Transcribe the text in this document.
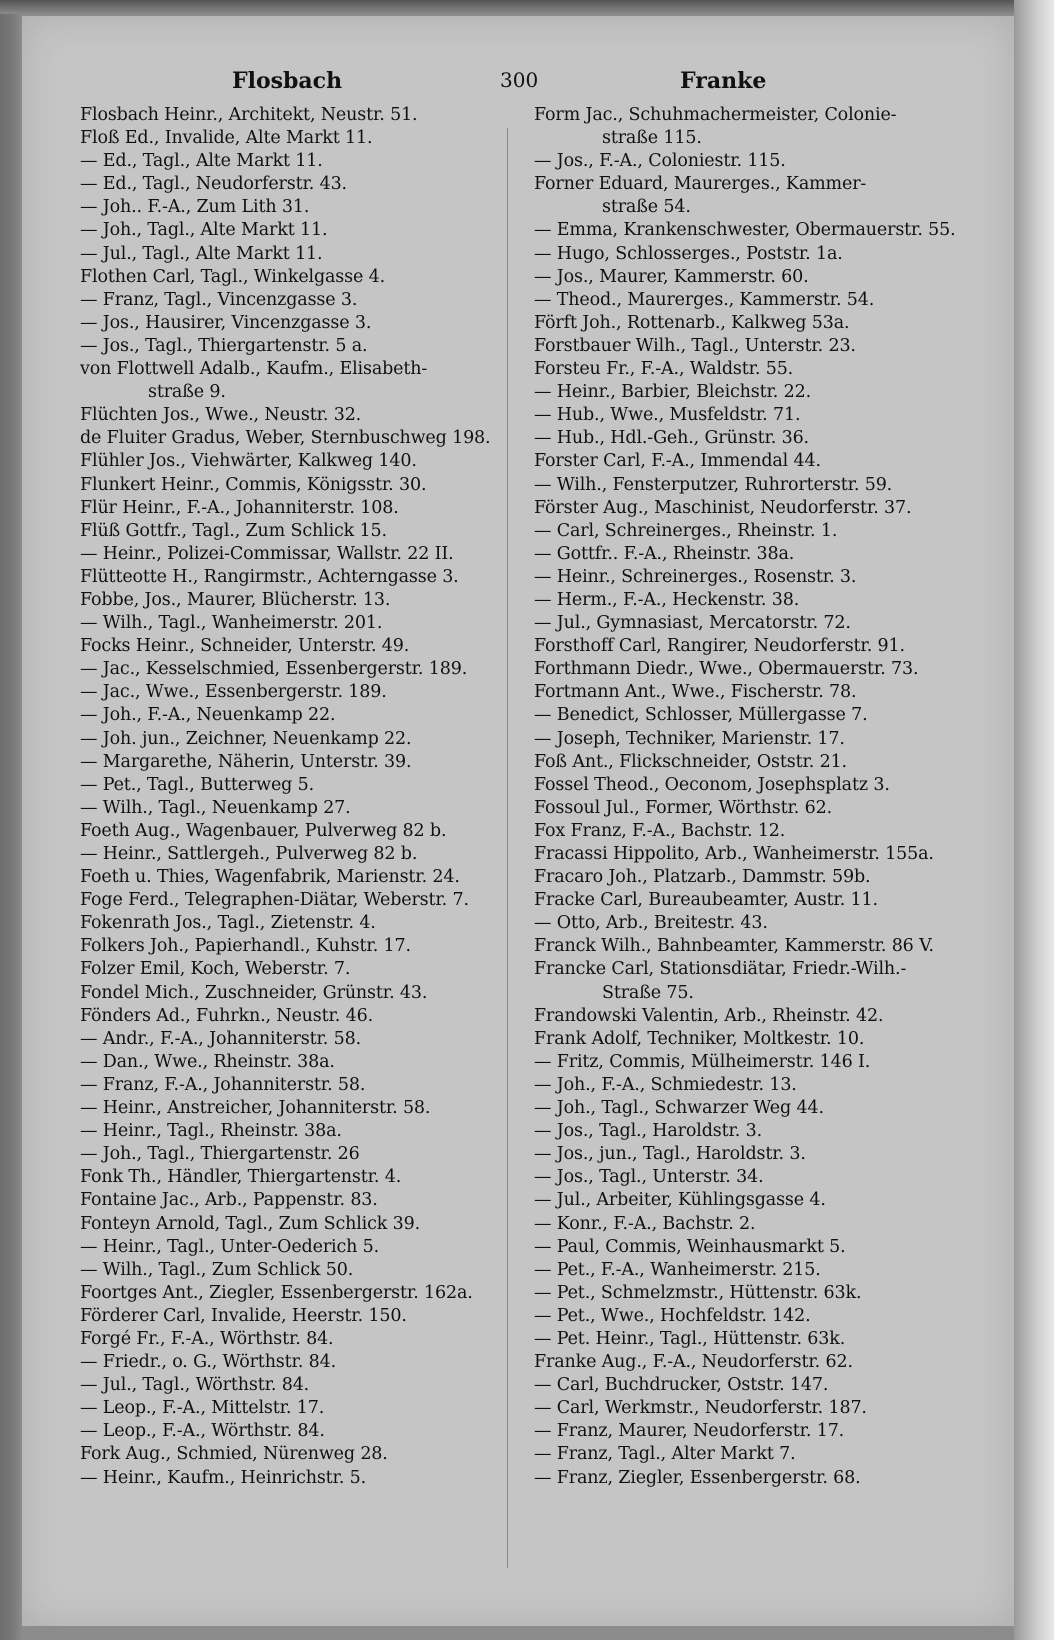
Flosbach	300	Franke
Flosbach Heinr., Architekt, Neustr. 51.
Floß Ed., Invalide, Alte Markt 11.
— Ed., Tagl., Alte Markt 11.
— Ed., Tagl., Neudorferstr. 43.
— Joh.. F.-A., Zum Lith 31.
— Joh., Tagl., Alte Markt 11.
— Jul., Tagl., Alte Markt 11.
Flothen Carl, Tagl., Winkelgasse 4.
— Franz, Tagl., Vincenzgasse 3.
— Jos., Hausirer, Vincenzgasse 3.
— Jos., Tagl., Thiergartenstr. 5 a.
von Flottwell Adalb., Kaufm., Elisabeth-
straße 9.
Flüchten Jos., Wwe., Neustr. 32.
de Fluiter Gradus, Weber, Sternbuschweg 198.
Flühler Jos., Viehwärter, Kalkweg 140.
Flunkert Heinr., Commis, Königsstr. 30.
Flür Heinr., F.-A., Johanniterstr. 108.
Flüß Gottfr., Tagl., Zum Schlick 15.
— Heinr., Polizei-Commissar, Wallstr. 22 II.
Flütteotte H., Rangirmstr., Achterngasse 3.
Fobbe, Jos., Maurer, Blücherstr. 13.
— Wilh., Tagl., Wanheimerstr. 201.
Focks Heinr., Schneider, Unterstr. 49.
— Jac., Kesselschmied, Essenbergerstr. 189.
— Jac., Wwe., Essenbergerstr. 189.
— Joh., F.-A., Neuenkamp 22.
— Joh. jun., Zeichner, Neuenkamp 22.
— Margarethe, Näherin, Unterstr. 39.
— Pet., Tagl., Butterweg 5.
— Wilh., Tagl., Neuenkamp 27.
Foeth Aug., Wagenbauer, Pulverweg 82 b.
— Heinr., Sattlergeh., Pulverweg 82 b.
Foeth u. Thies, Wagenfabrik, Marienstr. 24.
Foge Ferd., Telegraphen-Diätar, Weberstr. 7.
Fokenrath Jos., Tagl., Zietenstr. 4.
Folkers Joh., Papierhandl., Kuhstr. 17.
Folzer Emil, Koch, Weberstr. 7.
Fondel Mich., Zuschneider, Grünstr. 43.
Fönders Ad., Fuhrkn., Neustr. 46.
— Andr., F.-A., Johanniterstr. 58.
— Dan., Wwe., Rheinstr. 38a.
— Franz, F.-A., Johanniterstr. 58.
— Heinr., Anstreicher, Johanniterstr. 58.
— Heinr., Tagl., Rheinstr. 38a.
— Joh., Tagl., Thiergartenstr. 26
Fonk Th., Händler, Thiergartenstr. 4.
Fontaine Jac., Arb., Pappenstr. 83.
Fonteyn Arnold, Tagl., Zum Schlick 39.
— Heinr., Tagl., Unter-Oederich 5.
— Wilh., Tagl., Zum Schlick 50.
Foortges Ant., Ziegler, Essenbergerstr. 162a.
Förderer Carl, Invalide, Heerstr. 150.
Forgé Fr., F.-A., Wörthstr. 84.
— Friedr., o. G., Wörthstr. 84.
— Jul., Tagl., Wörthstr. 84.
— Leop., F.-A., Mittelstr. 17.
— Leop., F.-A., Wörthstr. 84.
Fork Aug., Schmied, Nürenweg 28.
— Heinr., Kaufm., Heinrichstr. 5.
Form Jac., Schuhmachermeister, Colonie-
straße 115.
— Jos., F.-A., Coloniestr. 115.
Forner Eduard, Maurerges., Kammer-
straße 54.
— Emma, Krankenschwester, Obermauerstr. 55.
— Hugo, Schlosserges., Poststr. 1a.
— Jos., Maurer, Kammerstr. 60.
— Theod., Maurerges., Kammerstr. 54.
Förft Joh., Rottenarb., Kalkweg 53a.
Forstbauer Wilh., Tagl., Unterstr. 23.
Forsteu Fr., F.-A., Waldstr. 55.
— Heinr., Barbier, Bleichstr. 22.
— Hub., Wwe., Musfeldstr. 71.
— Hub., Hdl.-Geh., Grünstr. 36.
Forster Carl, F.-A., Immendal 44.
— Wilh., Fensterputzer, Ruhrorterstr. 59.
Förster Aug., Maschinist, Neudorferstr. 37.
— Carl, Schreinerges., Rheinstr. 1.
— Gottfr.. F.-A., Rheinstr. 38a.
— Heinr., Schreinerges., Rosenstr. 3.
— Herm., F.-A., Heckenstr. 38.
— Jul., Gymnasiast, Mercatorstr. 72.
Forsthoff Carl, Rangirer, Neudorferstr. 91.
Forthmann Diedr., Wwe., Obermauerstr. 73.
Fortmann Ant., Wwe., Fischerstr. 78.
— Benedict, Schlosser, Müllergasse 7.
— Joseph, Techniker, Marienstr. 17.
Foß Ant., Flickschneider, Oststr. 21.
Fossel Theod., Oeconom, Josephsplatz 3.
Fossoul Jul., Former, Wörthstr. 62.
Fox Franz, F.-A., Bachstr. 12.
Fracassi Hippolito, Arb., Wanheimerstr. 155a.
Fracaro Joh., Platzarb., Dammstr. 59b.
Fracke Carl, Bureaubeamter, Austr. 11.
— Otto, Arb., Breitestr. 43.
Franck Wilh., Bahnbeamter, Kammerstr. 86 V.
Francke Carl, Stationsdiätar, Friedr.-Wilh.-
Straße 75.
Frandowski Valentin, Arb., Rheinstr. 42.
Frank Adolf, Techniker, Moltkestr. 10.
— Fritz, Commis, Mülheimerstr. 146 I.
— Joh., F.-A., Schmiedestr. 13.
— Joh., Tagl., Schwarzer Weg 44.
— Jos., Tagl., Haroldstr. 3.
— Jos., jun., Tagl., Haroldstr. 3.
— Jos., Tagl., Unterstr. 34.
— Jul., Arbeiter, Kühlingsgasse 4.
— Konr., F.-A., Bachstr. 2.
— Paul, Commis, Weinhausmarkt 5.
— Pet., F.-A., Wanheimerstr. 215.
— Pet., Schmelzmstr., Hüttenstr. 63k.
— Pet., Wwe., Hochfeldstr. 142.
— Pet. Heinr., Tagl., Hüttenstr. 63k.
Franke Aug., F.-A., Neudorferstr. 62.
— Carl, Buchdrucker, Oststr. 147.
— Carl, Werkmstr., Neudorferstr. 187.
— Franz, Maurer, Neudorferstr. 17.
— Franz, Tagl., Alter Markt 7.
— Franz, Ziegler, Essenbergerstr. 68.
